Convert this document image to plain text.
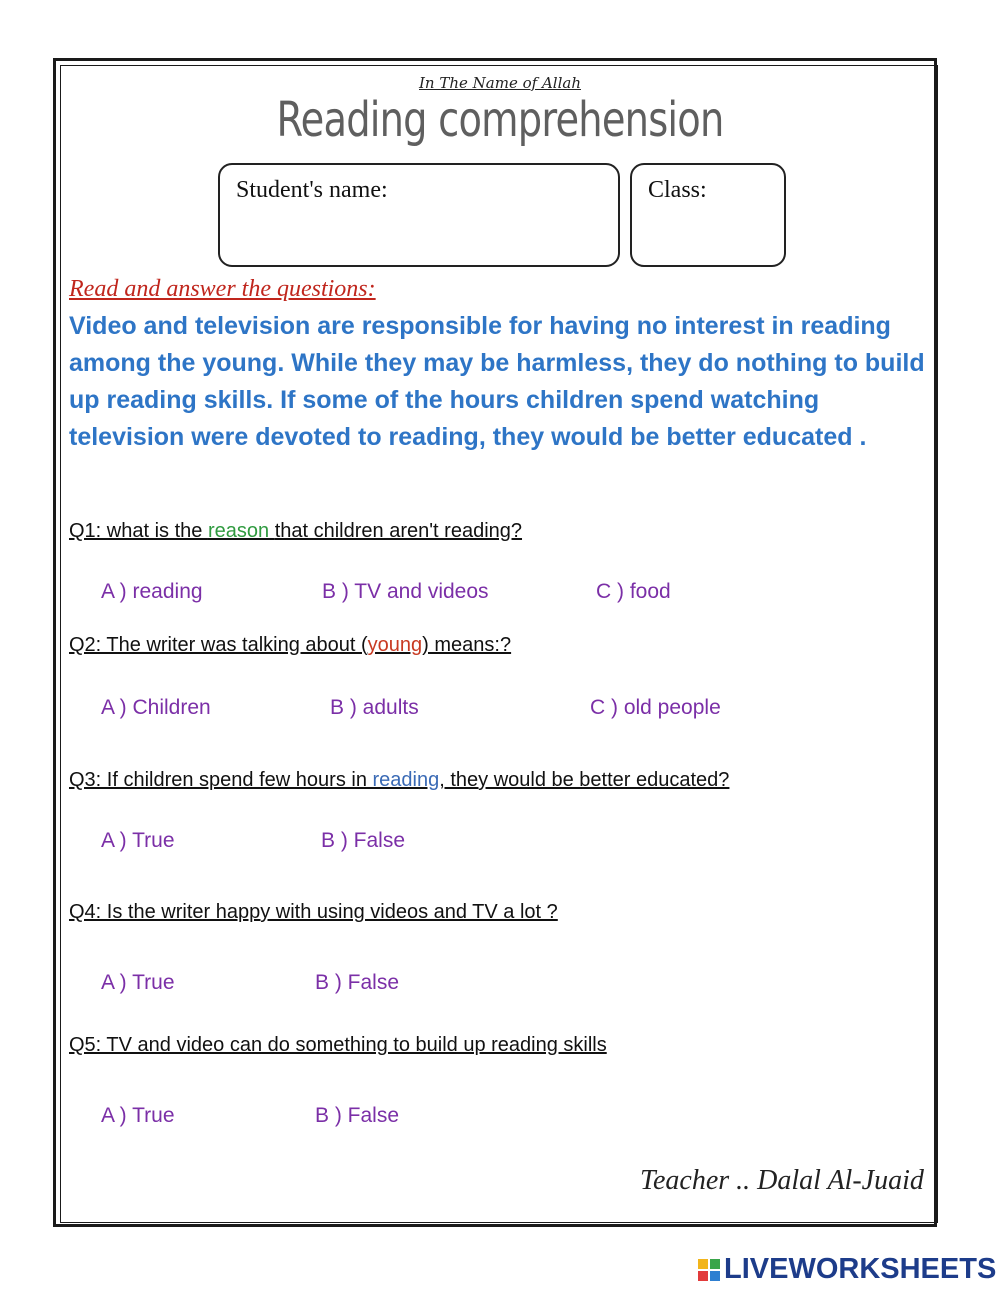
In The Name of Allah
Reading comprehension
Student's name:	Class:
Read and answer the questions:
Video and television are responsible for having no interest in reading among the young. While they may be harmless, they do nothing to build up reading skills. If some of the hours children spend watching television were devoted to reading, they would be better educated .
Q1: what is the reason that children aren't reading?
A ) reading	B ) TV and videos	C ) food
Q2: The writer was talking about (young) means:?
A ) Children	B ) adults	C ) old people
Q3: If children spend few hours in reading, they would be better educated?
A ) True	B ) False
Q4: Is the writer happy with using videos and TV a lot ?
A ) True	B ) False
Q5: TV and video can do something to build up reading skills
A ) True	B ) False
Teacher .. Dalal Al-Juaid
LIVEWORKSHEETS
